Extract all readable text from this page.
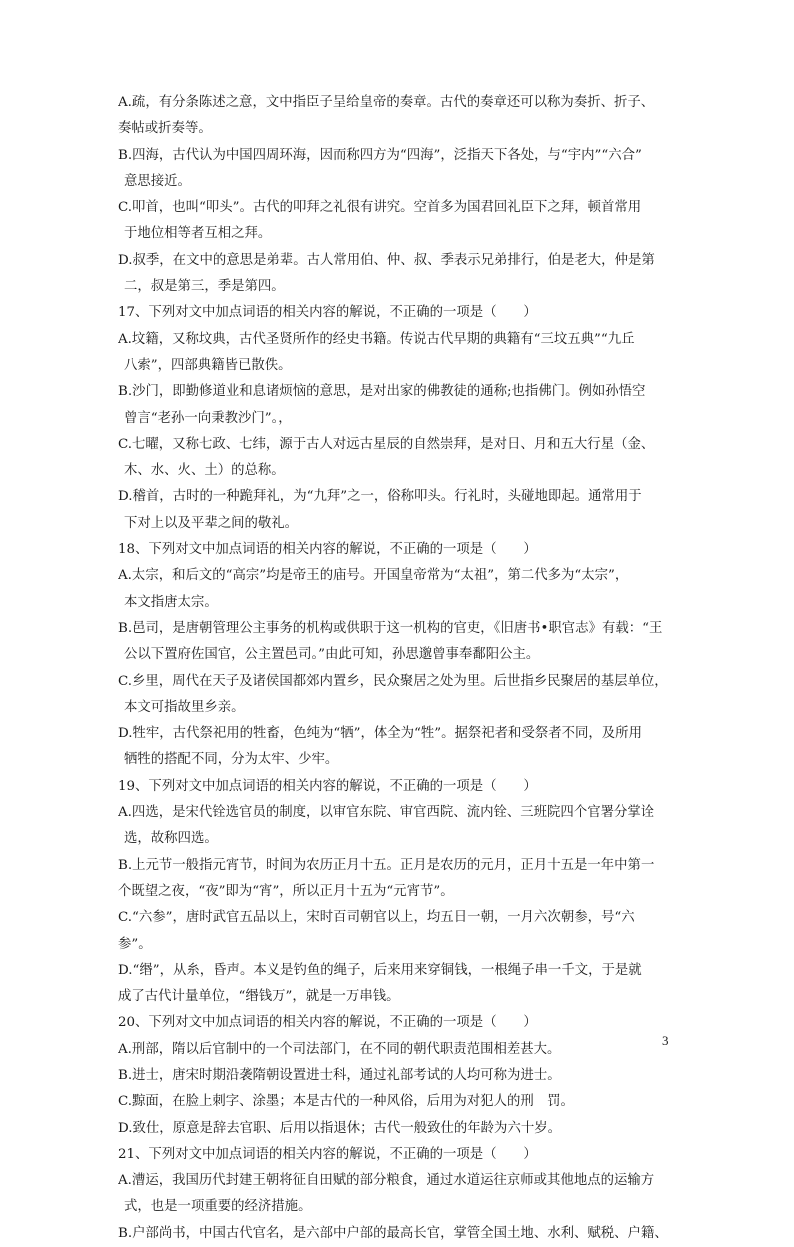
A.疏，有分条陈述之意，文中指臣子呈给皇帝的奏章。古代的奏章还可以称为奏折、折子、
奏帖或折奏等。
B.四海，古代认为中国四周环海，因而称四方为“四海”，泛指天下各处，与“宇内”“六合”
意思接近。
C.叩首，也叫“叩头”。古代的叩拜之礼很有讲究。空首多为国君回礼臣下之拜，顿首常用
于地位相等者互相之拜。
D.叔季，在文中的意思是弟辈。古人常用伯、仲、叔、季表示兄弟排行，伯是老大，仲是第
二，叔是第三，季是第四。
17、下列对文中加点词语的相关内容的解说，不正确的一项是（　　）
A.坟籍，又称坟典，古代圣贤所作的经史书籍。传说古代早期的典籍有“三坟五典”“九丘
八索”，四部典籍皆已散佚。
B.沙门，即勤修道业和息诸烦恼的意思，是对出家的佛教徒的通称;也指佛门。例如孙悟空
曾言“老孙一向秉教沙门”。，
C.七曜，又称七政、七纬，源于古人对远古星辰的自然崇拜，是对日、月和五大行星（金、
木、水、火、土）的总称。
D.稽首，古时的一种跪拜礼，为“九拜”之一，俗称叩头。行礼时，头碰地即起。通常用于
下对上以及平辈之间的敬礼。
18、下列对文中加点词语的相关内容的解说，不正确的一项是（　　）
A.太宗，和后文的“高宗”均是帝王的庙号。开国皇帝常为“太祖”，第二代多为“太宗”，
本文指唐太宗。
B.邑司，是唐朝管理公主事务的机构或供职于这一机构的官吏，《旧唐书•职官志》有载：“王
公以下置府佐国官，公主置邑司。”由此可知，孙思邈曾事奉鄱阳公主。
C.乡里，周代在天子及诸侯国都郊内置乡，民众聚居之处为里。后世指乡民聚居的基层单位，
本文可指故里乡亲。
D.牲牢，古代祭祀用的牲畜，色纯为“牺”，体全为“牲”。据祭祀者和受祭者不同，及所用
牺牲的搭配不同，分为太牢、少牢。
19、下列对文中加点词语的相关内容的解说，不正确的一项是（　　）
A.四选，是宋代铨选官员的制度，以审官东院、审官西院、流内铨、三班院四个官署分掌诠
选，故称四选。
B.上元节一般指元宵节，时间为农历正月十五。正月是农历的元月，正月十五是一年中第一
个既望之夜，“夜”即为“宵”，所以正月十五为“元宵节”。
C.“六参”，唐时武官五品以上，宋时百司朝官以上，均五日一朝，一月六次朝参，号“六
参”。
D.“缗”，从糸，昏声。本义是钓鱼的绳子，后来用来穿铜钱，一根绳子串一千文，于是就
成了古代计量单位，“缗钱万”，就是一万串钱。
20、下列对文中加点词语的相关内容的解说，不正确的一项是（　　）
A.刑部，隋以后官制中的一个司法部门，在不同的朝代职责范围相差甚大。
B.进士，唐宋时期沿袭隋朝设置进士科，通过礼部考试的人均可称为进士。
C.黥面，在脸上刺字、涂墨；本是古代的一种风俗，后用为对犯人的刑　罚。
D.致仕，原意是辞去官职、后用以指退休；古代一般致仕的年龄为六十岁。
21、下列对文中加点词语的相关内容的解说，不正确的一项是（　　）
A.漕运，我国历代封建王朝将征自田赋的部分粮食，通过水道运往京师或其他地点的运输方
式，也是一项重要的经济措施。
B.户部尚书，中国古代官名，是六部中户部的最高长官，掌管全国土地、水利、赋税、户籍、
3
